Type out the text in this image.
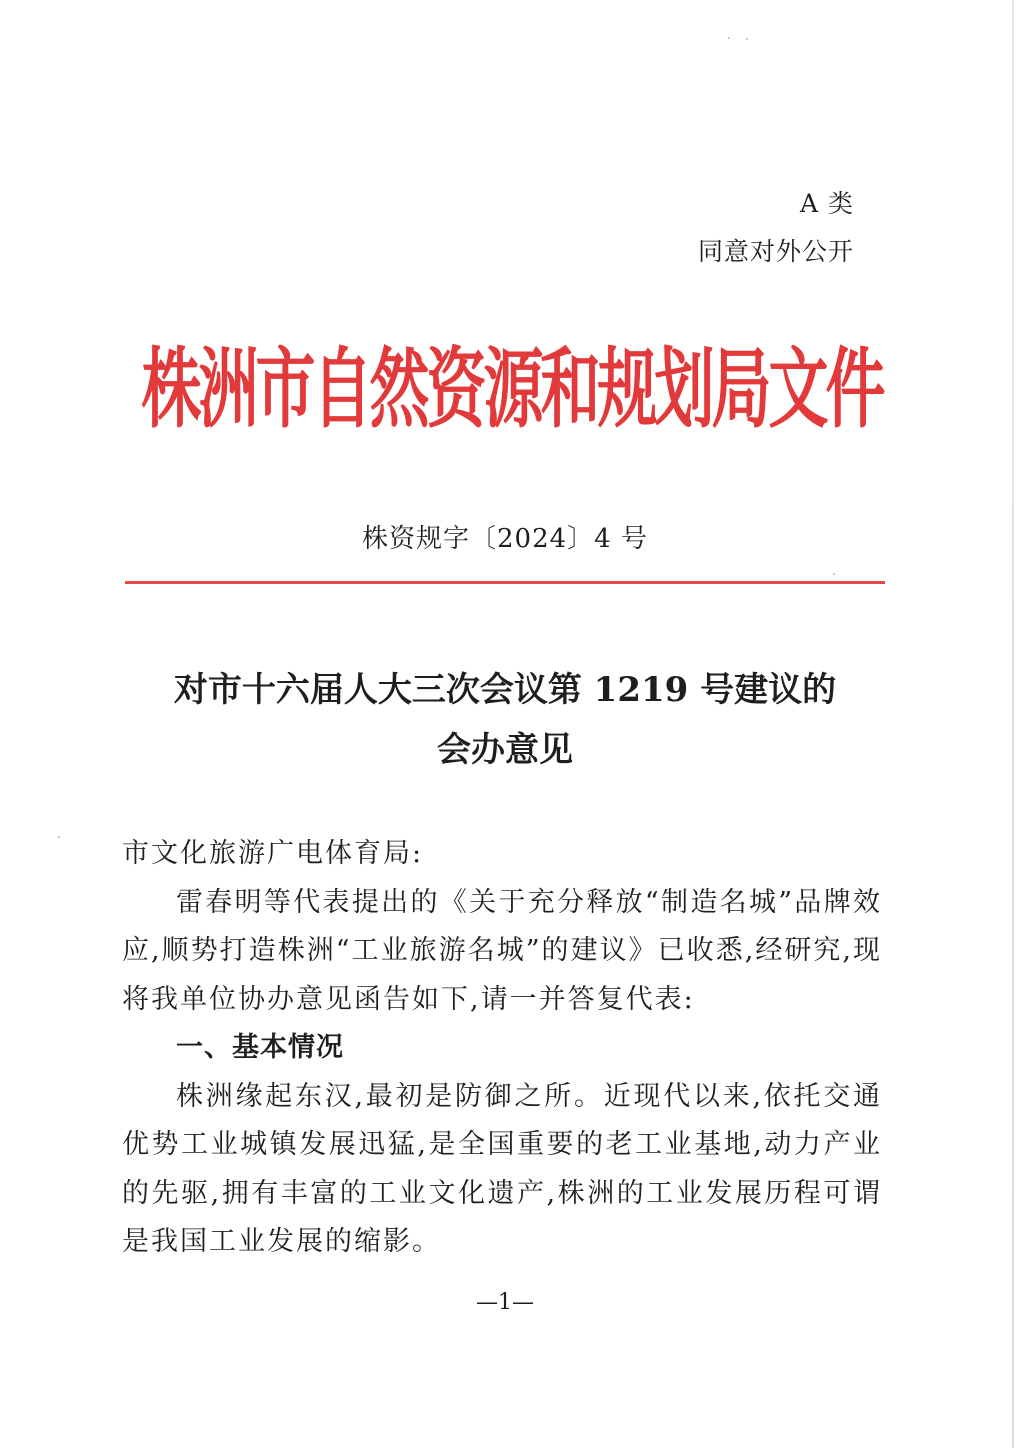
A 类
同意对外公开
株洲市自然资源和规划局文件
株资规字〔2024〕4 号
对市十六届人大三次会议第 1219 号建议的
会办意见

市文化旅游广电体育局:

雷春明等代表提出的《关于充分释放“制造名城”品牌效应,顺势打造株洲“工业旅游名城”的建议》已收悉,经研究,现将我单位协办意见函告如下,请一并答复代表:

一、基本情况

株洲缘起东汉,最初是防御之所。近现代以来,依托交通优势工业城镇发展迅猛,是全国重要的老工业基地,动力产业的先驱,拥有丰富的工业文化遗产,株洲的工业发展历程可谓是我国工业发展的缩影。

—1—
